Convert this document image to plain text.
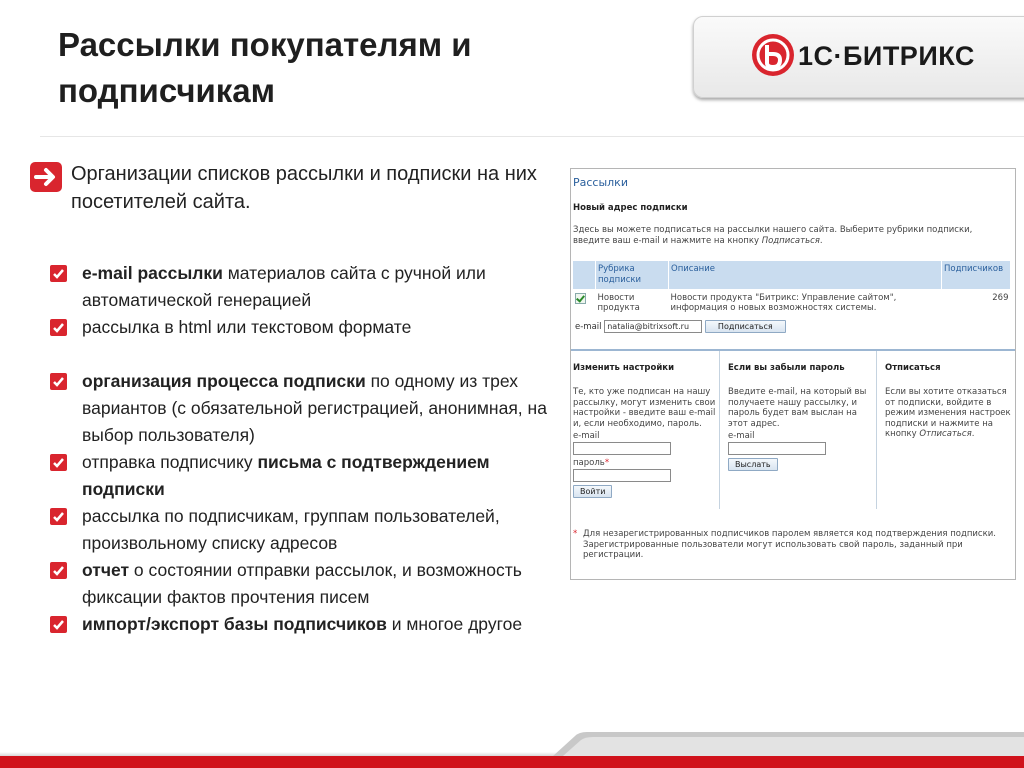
Рассылки покупателям и подписчикам
1С·БИТРИКС
Организации списков рассылки и подписки на них посетителей сайта.
e-mail рассылки материалов сайта с ручной или автоматической генерацией
рассылка в html или текстовом формате
организация процесса подписки по одному из трех вариантов (с обязательной регистрацией, анонимная, на выбор пользователя)
отправка подписчику письма с подтверждением подписки
рассылка по подписчикам, группам пользователей, произвольному списку адресов
отчет о состоянии отправки рассылок, и возможность фиксации фактов прочтения писем
импорт/экспорт базы подписчиков и многое другое
Рассылки
Новый адрес подписки
Здесь вы можете подписаться на рассылки нашего сайта. Выберите рубрики подписки, введите ваш e-mail и нажмите на кнопку Подписаться.
	Рубрика подписки	Описание	Подписчиков
	Новости продукта	Новости продукта "Битрикс: Управление сайтом", информация о новых возможностях системы.	269
e-mail natalia@bitrixsoft.ru	Подписаться
Изменить настройки

Те, кто уже подписан на нашу рассылку, могут изменить свои настройки - введите ваш e-mail и, если необходимо, пароль.

e-mail
пароль*
Войти
Если вы забыли пароль

Введите e-mail, на который вы получаете нашу рассылку, и пароль будет вам выслан на этот адрес.

e-mail
Выслать
Отписаться

Если вы хотите отказаться от подписки, войдите в режим изменения настроек подписки и нажмите на кнопку Отписаться.

* Для незарегистрированных подписчиков паролем является код подтверждения подписки. Зарегистрированные пользователи могут использовать свой пароль, заданный при регистрации.
